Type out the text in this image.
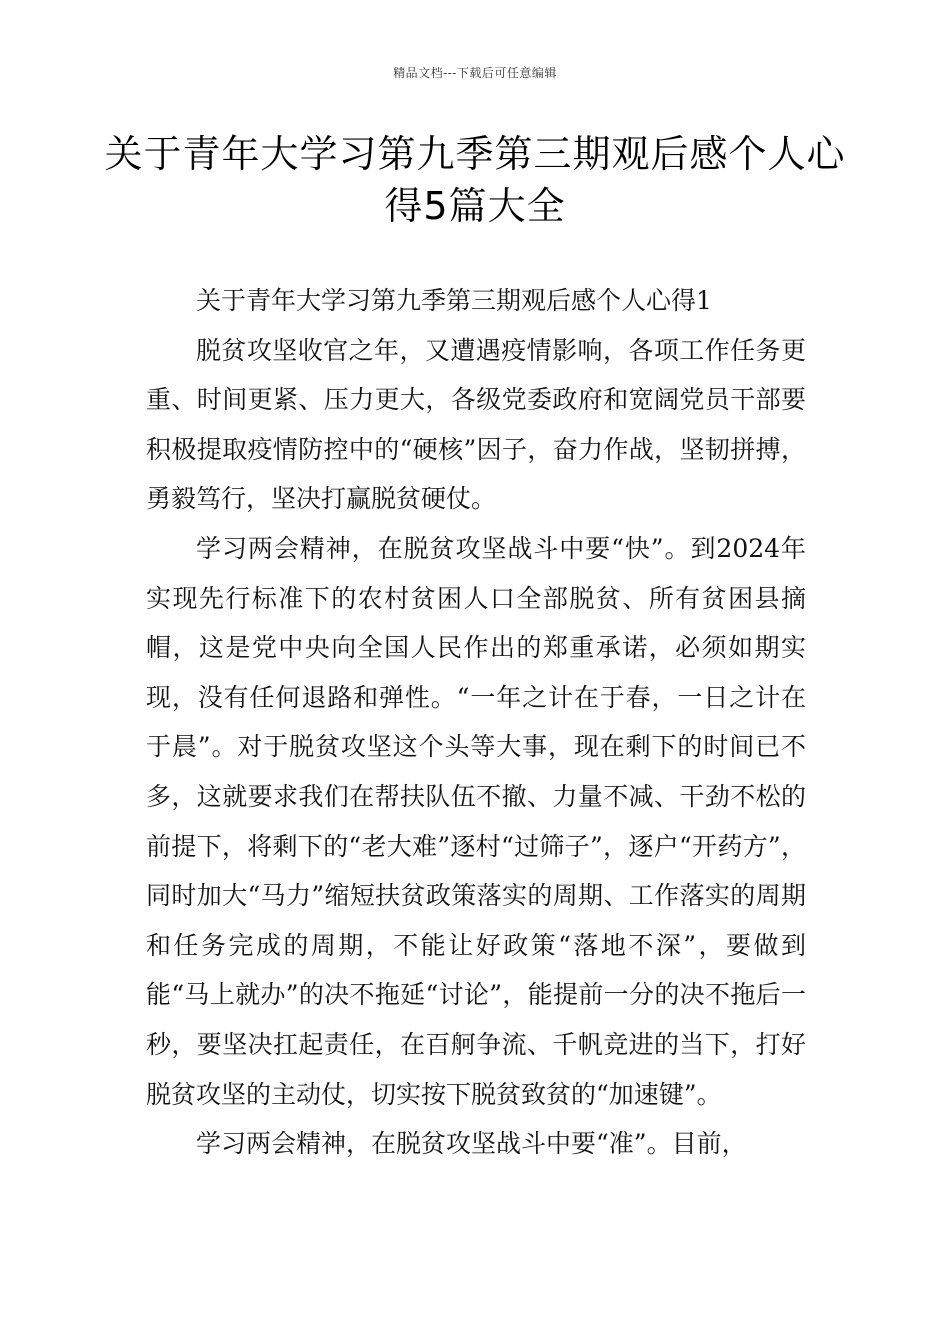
精品文档---下载后可任意编辑
关于青年大学习第九季第三期观后感个人心得5篇大全

关于青年大学习第九季第三期观后感个人心得1

脱贫攻坚收官之年，又遭遇疫情影响，各项工作任务更重、时间更紧、压力更大，各级党委政府和宽阔党员干部要积极提取疫情防控中的“硬核”因子，奋力作战，坚韧拼搏，勇毅笃行，坚决打赢脱贫硬仗。

学习两会精神，在脱贫攻坚战斗中要“快”。到2024年实现先行标准下的农村贫困人口全部脱贫、所有贫困县摘帽，这是党中央向全国人民作出的郑重承诺，必须如期实现，没有任何退路和弹性。“一年之计在于春，一日之计在于晨”。对于脱贫攻坚这个头等大事，现在剩下的时间已不多，这就要求我们在帮扶队伍不撤、力量不减、干劲不松的前提下，将剩下的“老大难”逐村“过筛子”，逐户“开药方”，同时加大“马力”缩短扶贫政策落实的周期、工作落实的周期和任务完成的周期，不能让好政策“落地不深”，要做到能“马上就办”的决不拖延“讨论”，能提前一分的决不拖后一秒，要坚决扛起责任，在百舸争流、千帆竞进的当下，打好脱贫攻坚的主动仗，切实按下脱贫致贫的“加速键”。

学习两会精神，在脱贫攻坚战斗中要“准”。目前，
